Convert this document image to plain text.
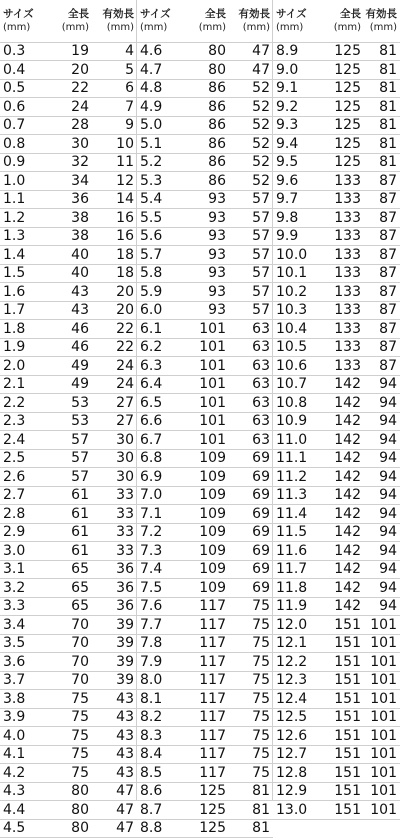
サイズ
(mm)
全長
(mm)
有効長
(mm)
0.3	19	4
0.4	20	5
0.5	22	6
0.6	24	7
0.7	28	9
0.8	30	10
0.9	32	11
1.0	34	12
1.1	36	14
1.2	38	16
1.3	38	16
1.4	40	18
1.5	40	18
1.6	43	20
1.7	43	20
1.8	46	22
1.9	46	22
2.0	49	24
2.1	49	24
2.2	53	27
2.3	53	27
2.4	57	30
2.5	57	30
2.6	57	30
2.7	61	33
2.8	61	33
2.9	61	33
3.0	61	33
3.1	65	36
3.2	65	36
3.3	65	36
3.4	70	39
3.5	70	39
3.6	70	39
3.7	70	39
3.8	75	43
3.9	75	43
4.0	75	43
4.1	75	43
4.2	75	43
4.3	80	47
4.4	80	47
4.5	80	47
サイズ
(mm)
全長
(mm)
有効長
(mm)
4.6	80	47
4.7	80	47
4.8	86	52
4.9	86	52
5.0	86	52
5.1	86	52
5.2	86	52
5.3	86	52
5.4	93	57
5.5	93	57
5.6	93	57
5.7	93	57
5.8	93	57
5.9	93	57
6.0	93	57
6.1	101	63
6.2	101	63
6.3	101	63
6.4	101	63
6.5	101	63
6.6	101	63
6.7	101	63
6.8	109	69
6.9	109	69
7.0	109	69
7.1	109	69
7.2	109	69
7.3	109	69
7.4	109	69
7.5	109	69
7.6	117	75
7.7	117	75
7.8	117	75
7.9	117	75
8.0	117	75
8.1	117	75
8.2	117	75
8.3	117	75
8.4	117	75
8.5	117	75
8.6	125	81
8.7	125	81
8.8	125	81
サイズ
(mm)
全長
(mm)
有効長
(mm)
8.9	125	81
9.0	125	81
9.1	125	81
9.2	125	81
9.3	125	81
9.4	125	81
9.5	125	81
9.6	133	87
9.7	133	87
9.8	133	87
9.9	133	87
10.0	133	87
10.1	133	87
10.2	133	87
10.3	133	87
10.4	133	87
10.5	133	87
10.6	133	87
10.7	142	94
10.8	142	94
10.9	142	94
11.0	142	94
11.1	142	94
11.2	142	94
11.3	142	94
11.4	142	94
11.5	142	94
11.6	142	94
11.7	142	94
11.8	142	94
11.9	142	94
12.0	151 101
12.1	151 101
12.2	151 101
12.3	151 101
12.4	151 101
12.5	151 101
12.6	151 101
12.7	151 101
12.8	151 101
12.9	151 101
13.0	151 101
